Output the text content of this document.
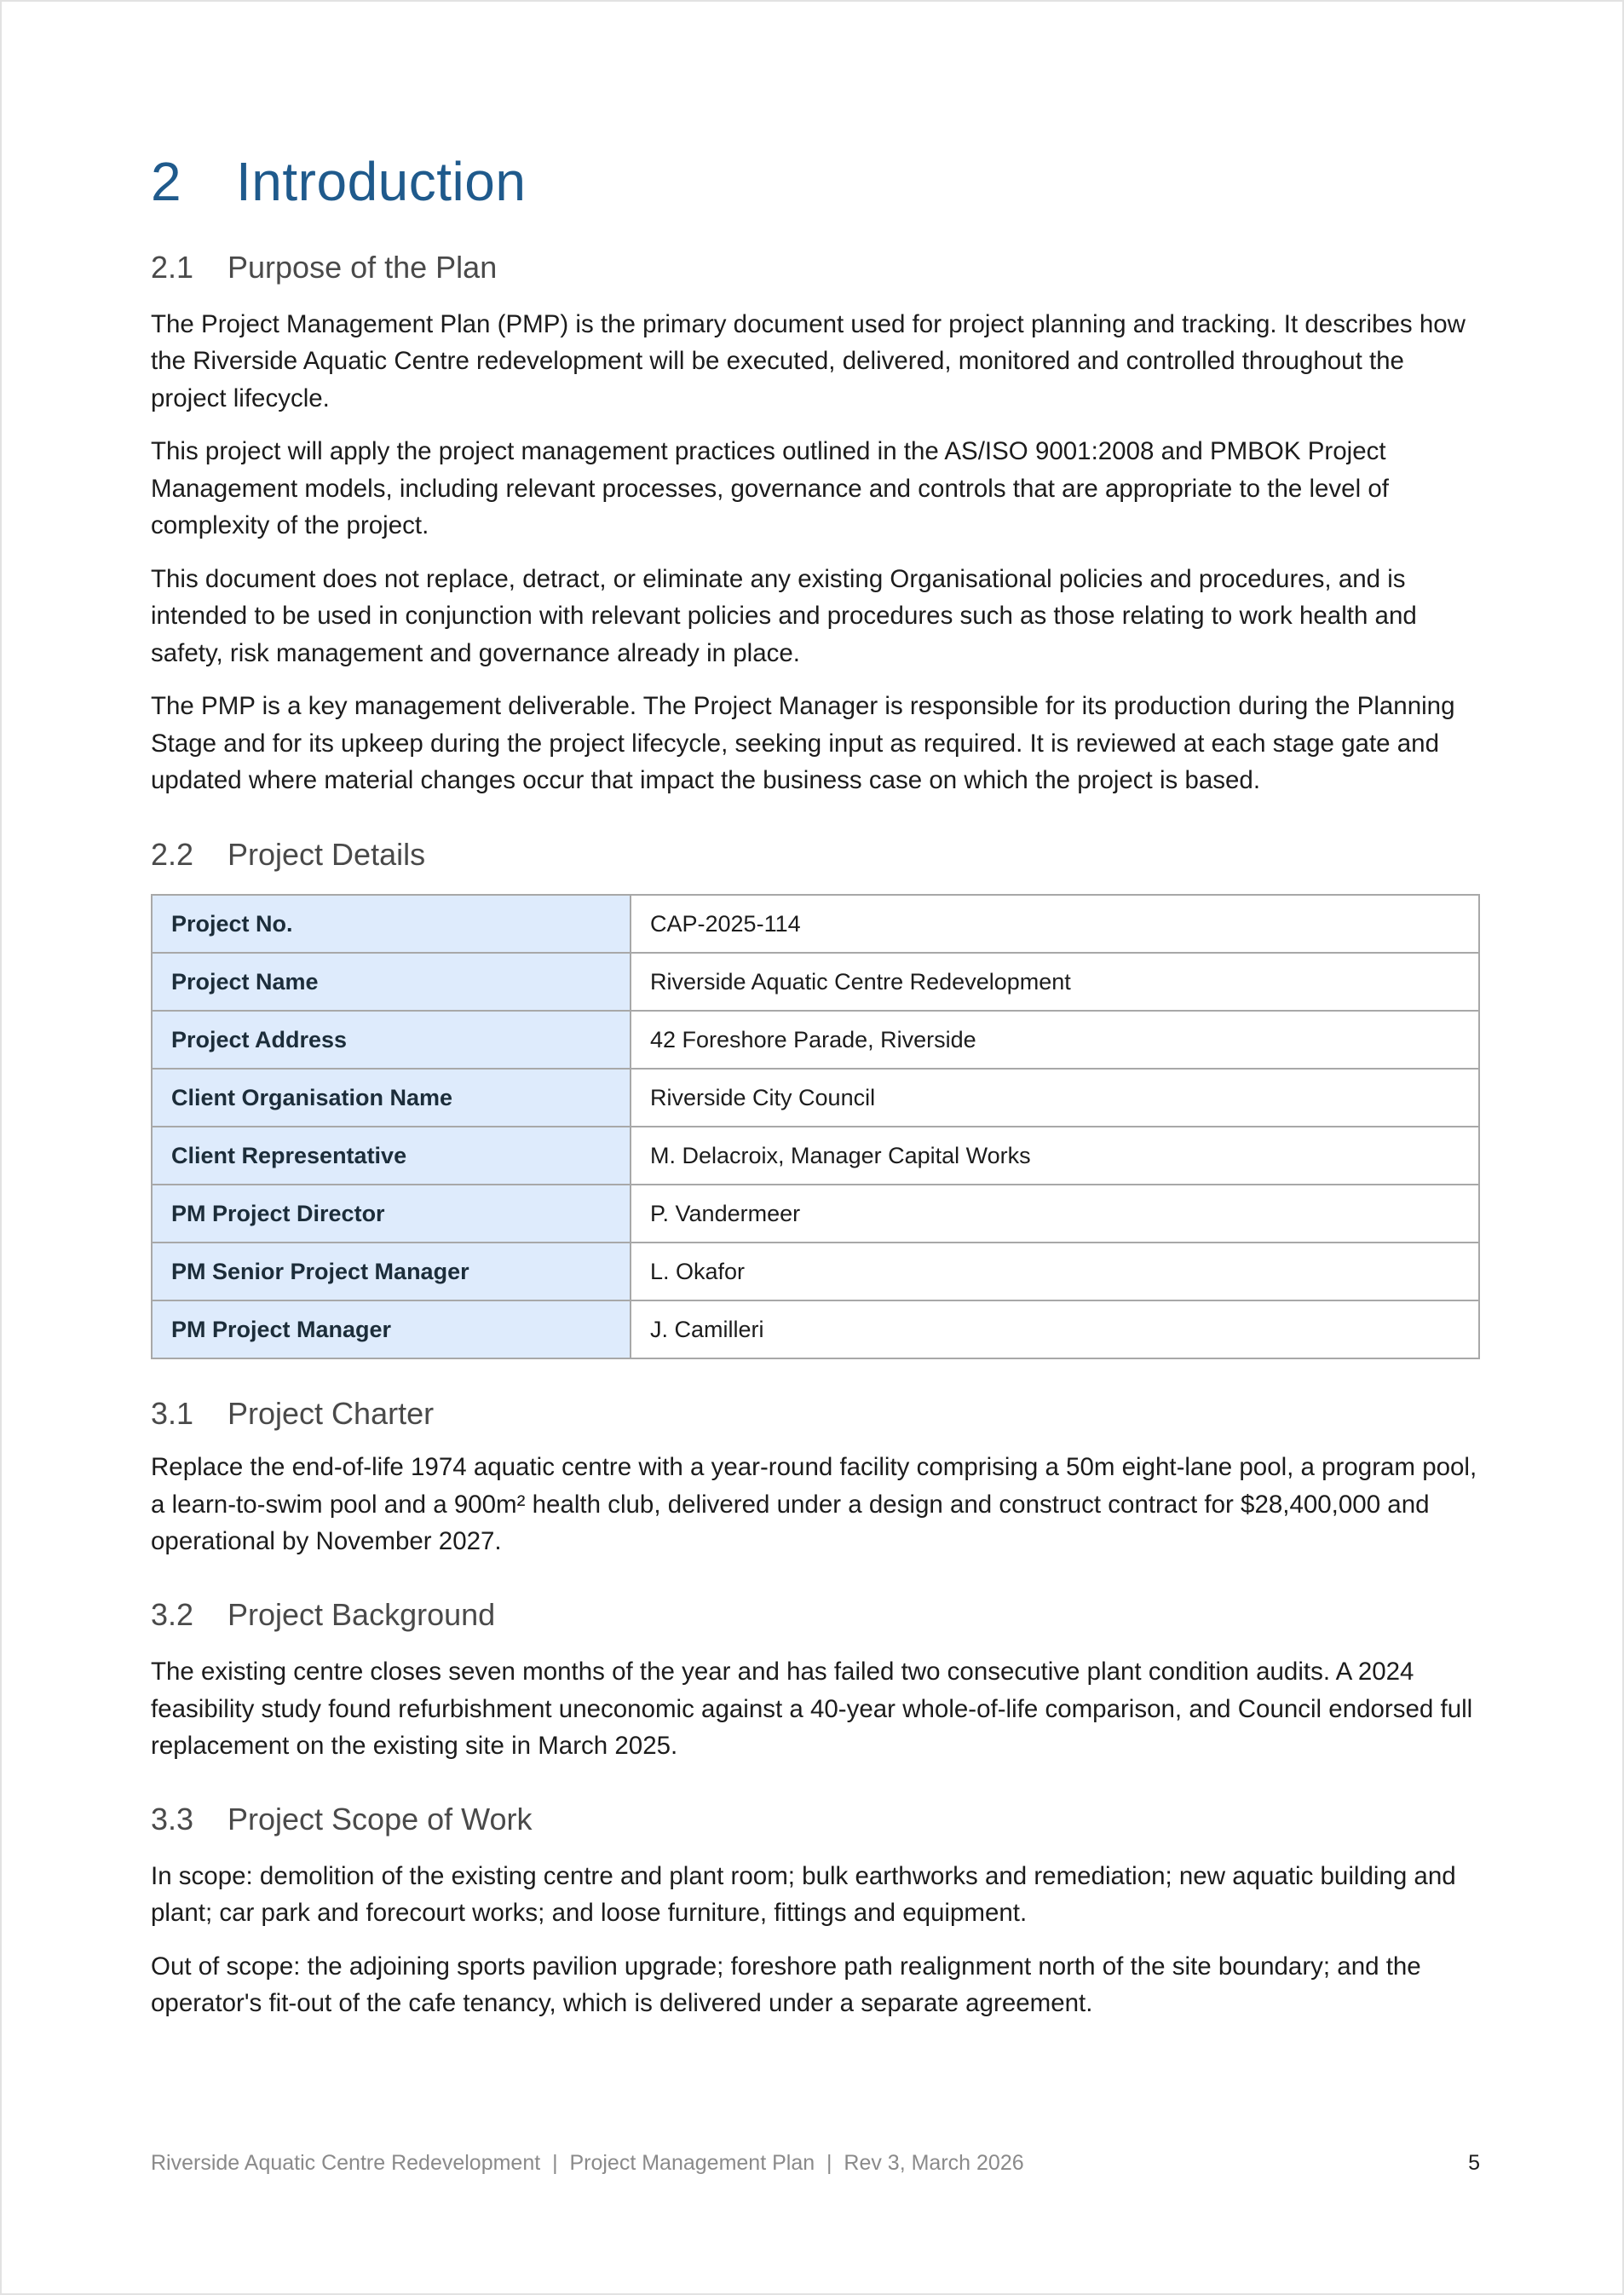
2 Introduction
2.1 Purpose of the Plan

The Project Management Plan (PMP) is the primary document used for project planning and tracking. It describes how the Riverside Aquatic Centre redevelopment will be executed, delivered, monitored and controlled throughout the project lifecycle.

This project will apply the project management practices outlined in the AS/ISO 9001:2008 and PMBOK Project Management models, including relevant processes, governance and controls that are appropriate to the level of complexity of the project.

This document does not replace, detract, or eliminate any existing Organisational policies and procedures, and is intended to be used in conjunction with relevant policies and procedures such as those relating to work health and safety, risk management and governance already in place.

The PMP is a key management deliverable. The Project Manager is responsible for its production during the Planning Stage and for its upkeep during the project lifecycle, seeking input as required. It is reviewed at each stage gate and updated where material changes occur that impact the business case on which the project is based.

2.2 Project Details
Project No.	CAP-2025-114
Project Name	Riverside Aquatic Centre Redevelopment
Project Address	42 Foreshore Parade, Riverside
Client Organisation Name	Riverside City Council
Client Representative	M. Delacroix, Manager Capital Works
PM Project Director	P. Vandermeer
PM Senior Project Manager	L. Okafor
PM Project Manager	J. Camilleri
3.1 Project Charter

Replace the end-of-life 1974 aquatic centre with a year-round facility comprising a 50m eight-lane pool, a program pool, a learn-to-swim pool and a 900m² health club, delivered under a design and construct contract for $28,400,000 and operational by November 2027.

3.2 Project Background

The existing centre closes seven months of the year and has failed two consecutive plant condition audits. A 2024 feasibility study found refurbishment uneconomic against a 40-year whole-of-life comparison, and Council endorsed full replacement on the existing site in March 2025.

3.3 Project Scope of Work

In scope: demolition of the existing centre and plant room; bulk earthworks and remediation; new aquatic building and plant; car park and forecourt works; and loose furniture, fittings and equipment.

Out of scope: the adjoining sports pavilion upgrade; foreshore path realignment north of the site boundary; and the operator's fit-out of the cafe tenancy, which is delivered under a separate agreement.

Riverside Aquatic Centre Redevelopment  |  Project Management Plan  |  Rev 3, March 2026	5
